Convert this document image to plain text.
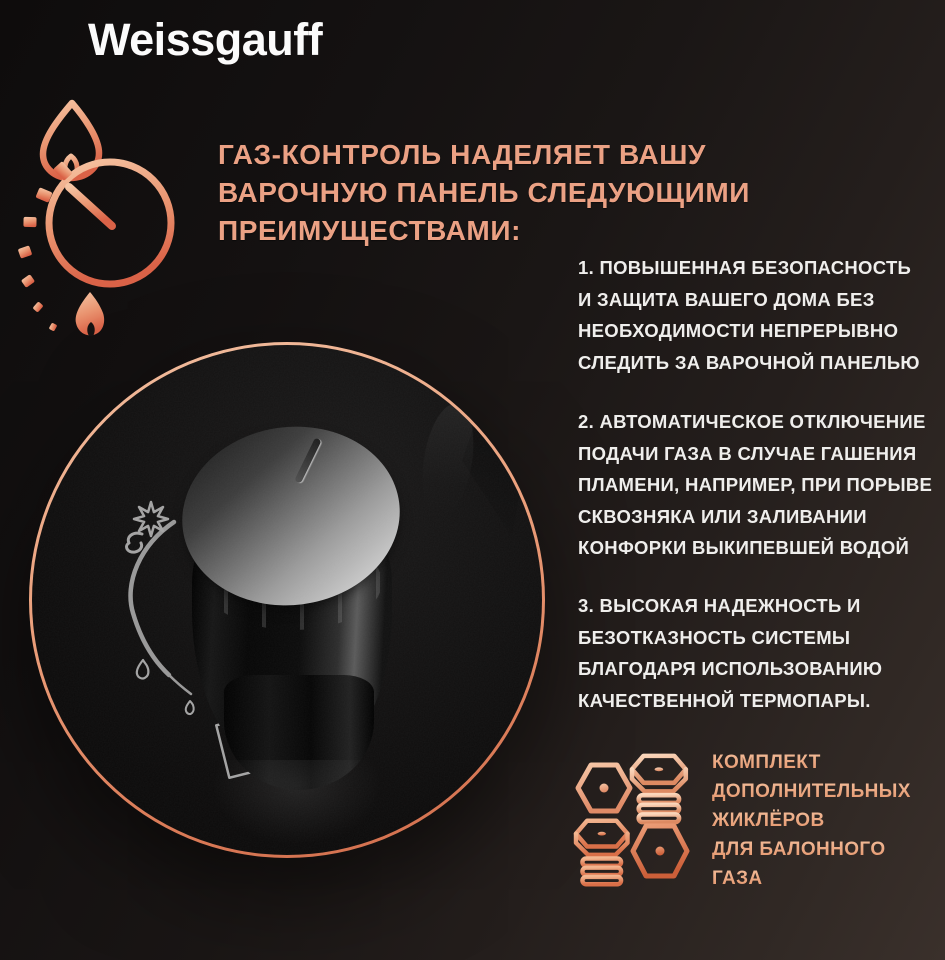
Weissgauff
ГАЗ-КОНТРОЛЬ НАДЕЛЯЕТ ВАШУ
ВАРОЧНУЮ ПАНЕЛЬ СЛЕДУЮЩИМИ
ПРЕИМУЩЕСТВАМИ:
1. ПОВЫШЕННАЯ БЕЗОПАСНОСТЬ
И ЗАЩИТА ВАШЕГО ДОМА БЕЗ
НЕОБХОДИМОСТИ НЕПРЕРЫВНО
СЛЕДИТЬ ЗА ВАРОЧНОЙ ПАНЕЛЬЮ
2. АВТОМАТИЧЕСКОЕ ОТКЛЮЧЕНИЕ
ПОДАЧИ ГАЗА В СЛУЧАЕ ГАШЕНИЯ
ПЛАМЕНИ, НАПРИМЕР, ПРИ ПОРЫВЕ
СКВОЗНЯКА ИЛИ ЗАЛИВАНИИ
КОНФОРКИ ВЫКИПЕВШЕЙ ВОДОЙ
3. ВЫСОКАЯ НАДЕЖНОСТЬ И
БЕЗОТКАЗНОСТЬ СИСТЕМЫ
БЛАГОДАРЯ ИСПОЛЬЗОВАНИЮ
КАЧЕСТВЕННОЙ ТЕРМОПАРЫ.
КОМПЛЕКТ
ДОПОЛНИТЕЛЬНЫХ
ЖИКЛЁРОВ
ДЛЯ БАЛОННОГО
ГАЗА
